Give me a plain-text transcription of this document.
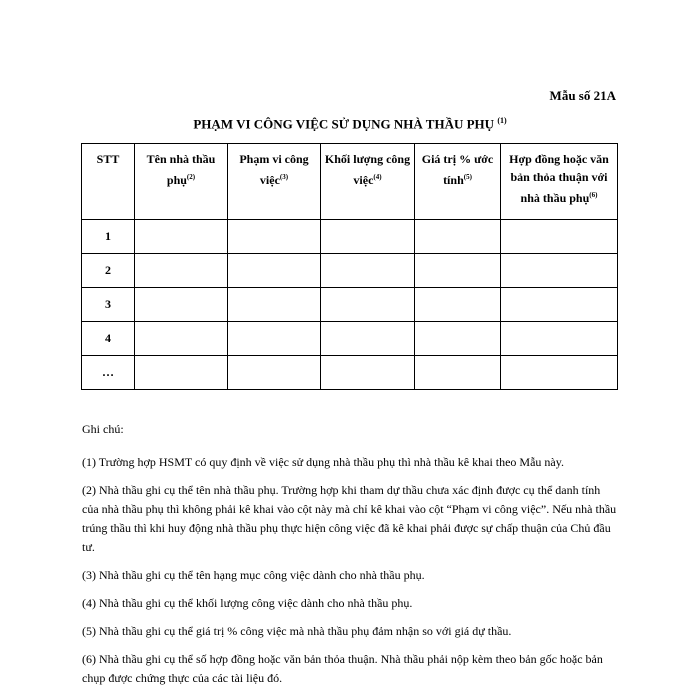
Mẫu số 21A
PHẠM VI CÔNG VIỆC SỬ DỤNG NHÀ THẦU PHỤ $^{(1)}$
STT	Tên nhà thầu phụ$^{(2)}$	Phạm vi công việc$^{(3)}$	Khối lượng công việc$^{(4)}$	Giá trị % ước tính$^{(5)}$	Hợp đồng hoặc văn bản thỏa thuận với nhà thầu phụ$^{(6)}$
1					
2					
3					
4					
…					

Ghi chú:

(1) Trường hợp HSMT có quy định về việc sử dụng nhà thầu phụ thì nhà thầu kê khai theo Mẫu này.

(2) Nhà thầu ghi cụ thể tên nhà thầu phụ. Trường hợp khi tham dự thầu chưa xác định được cụ thể danh tính của nhà thầu phụ thì không phải kê khai vào cột này mà chỉ kê khai vào cột “Phạm vi công việc”. Nếu nhà thầu trúng thầu thì khi huy động nhà thầu phụ thực hiện công việc đã kê khai phải được sự chấp thuận của Chủ đầu tư.

(3) Nhà thầu ghi cụ thể tên hạng mục công việc dành cho nhà thầu phụ.

(4) Nhà thầu ghi cụ thể khối lượng công việc dành cho nhà thầu phụ.

(5) Nhà thầu ghi cụ thể giá trị % công việc mà nhà thầu phụ đảm nhận so với giá dự thầu.

(6) Nhà thầu ghi cụ thể số hợp đồng hoặc văn bản thỏa thuận. Nhà thầu phải nộp kèm theo bản gốc hoặc bản chụp được chứng thực của các tài liệu đó.
